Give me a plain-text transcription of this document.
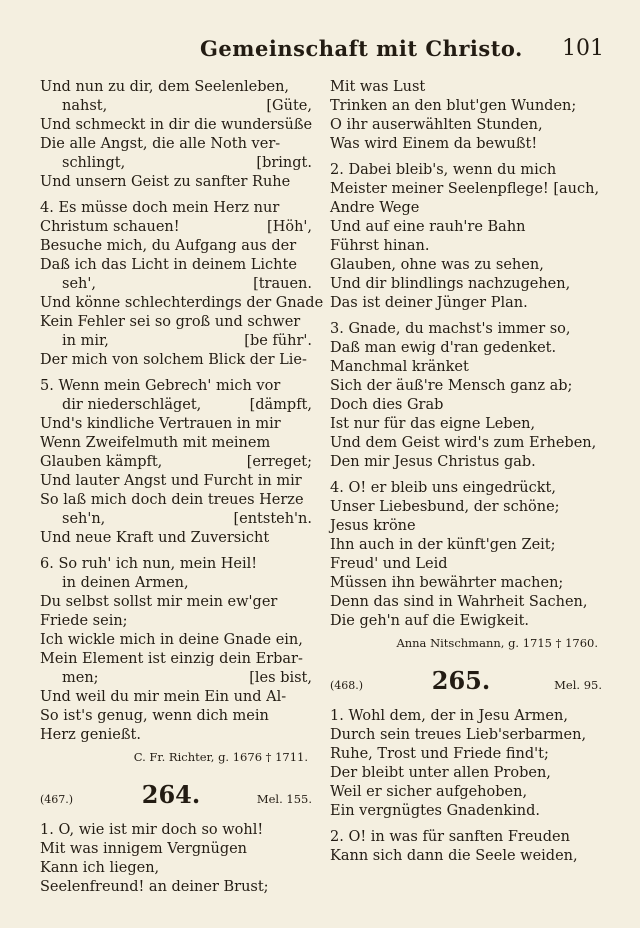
Gemeinschaft mit Christo. 101
Und nun zu dir, dem Seelenleben,
nahst,	[Güte,
Und schmeckt in dir die wundersüße
Die alle Angst, die alle Noth ver-
schlingt,	[bringt.
Und unsern Geist zu sanfter Ruhe
4. Es müsse doch mein Herz nur
Christum schauen!	[Höh',
Besuche mich, du Aufgang aus der
Daß ich das Licht in deinem Lichte
seh',	[trauen.
Und könne schlechterdings der Gnade
Kein Fehler sei so groß und schwer
in mir,	[be führ'.
Der mich von solchem Blick der Lie-
5. Wenn mein Gebrech' mich vor
dir niederschläget,	[dämpft,
Und's kindliche Vertrauen in mir
Wenn Zweifelmuth mit meinem
Glauben kämpft,	[erreget;
Und lauter Angst und Furcht in mir
So laß mich doch dein treues Herze
seh'n,	[entsteh'n.
Und neue Kraft und Zuversicht
6. So ruh' ich nun, mein Heil!
in deinen Armen,
Du selbst sollst mir mein ew'ger
Friede sein;
Ich wickle mich in deine Gnade ein,
Mein Element ist einzig dein Erbar-
men;	[les bist,
Und weil du mir mein Ein und Al-
So ist's genug, wenn dich mein
Herz genießt.
C. Fr. Richter, g. 1676 † 1711.
(467.)	264.	Mel. 155.
1. O, wie ist mir doch so wohl!
Mit was innigem Vergnügen
Kann ich liegen,
Seelenfreund! an deiner Brust;
Mit was Lust
Trinken an den blut'gen Wunden;
O ihr auserwählten Stunden,
Was wird Einem da bewußt!
2. Dabei bleib's, wenn du mich
Meister meiner Seelenpflege! [auch,
Andre Wege
Und auf eine rauh're Bahn
Führst hinan.
Glauben, ohne was zu sehen,
Und dir blindlings nachzugehen,
Das ist deiner Jünger Plan.
3. Gnade, du machst's immer so,
Daß man ewig d'ran gedenket.
Manchmal kränket
Sich der äuß're Mensch ganz ab;
Doch dies Grab
Ist nur für das eigne Leben,
Und dem Geist wird's zum Erheben,
Den mir Jesus Christus gab.
4. O! er bleib uns eingedrückt,
Unser Liebesbund, der schöne;
Jesus kröne
Ihn auch in der künft'gen Zeit;
Freud' und Leid
Müssen ihn bewährter machen;
Denn das sind in Wahrheit Sachen,
Die geh'n auf die Ewigkeit.
Anna Nitschmann, g. 1715 † 1760.
(468.)	265.	Mel. 95.
1. Wohl dem, der in Jesu Armen,
Durch sein treues Lieb'serbarmen,
Ruhe, Trost und Friede find't;
Der bleibt unter allen Proben,
Weil er sicher aufgehoben,
Ein vergnügtes Gnadenkind.
2. O! in was für sanften Freuden
Kann sich dann die Seele weiden,
